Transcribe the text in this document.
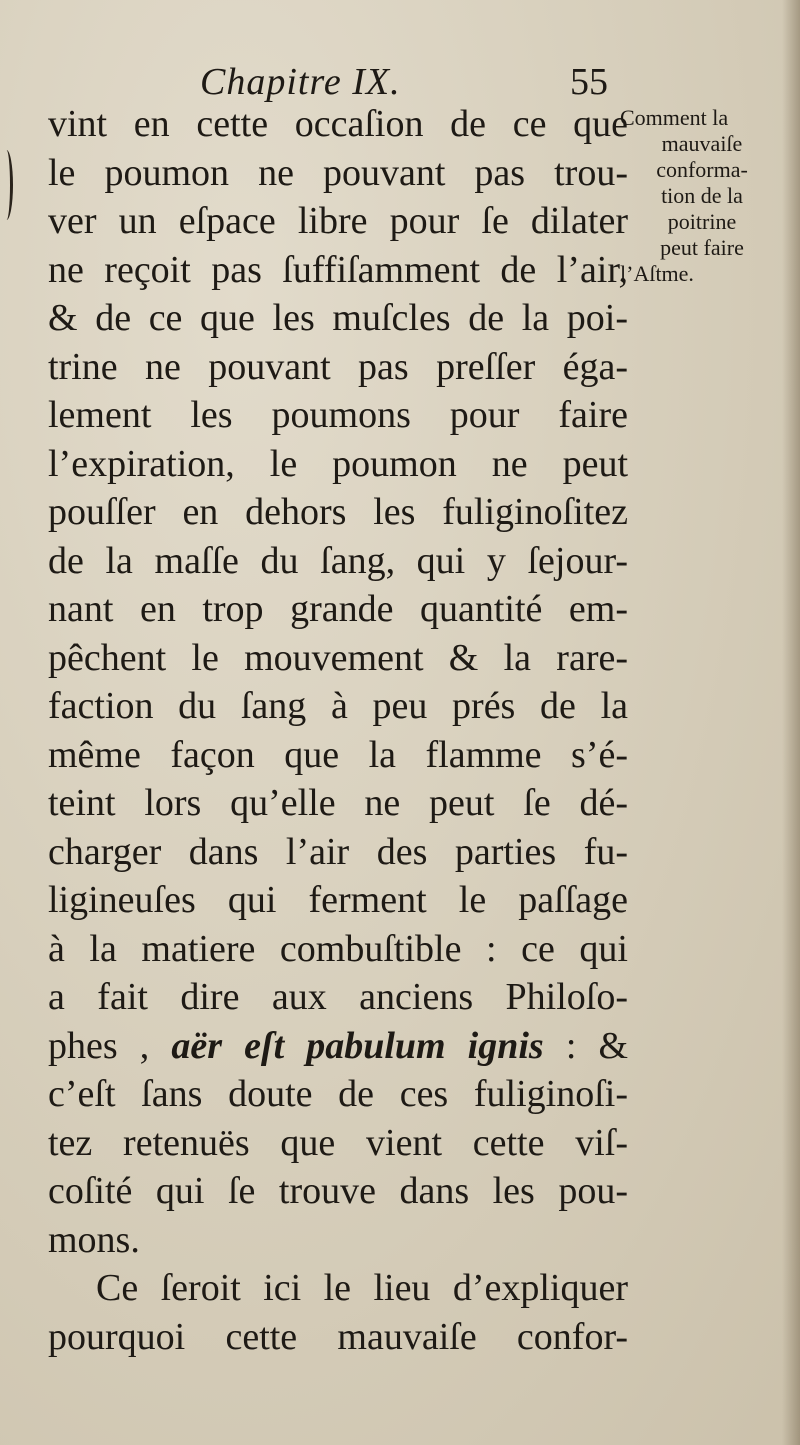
Chapitre IX.	55
vint en cette occaſion de ce que
le poumon ne pouvant pas trou-
ver un eſpace libre pour ſe dilater
ne reçoit pas ſuffiſamment de l’air,
& de ce que les muſcles de la poi-
trine ne pouvant pas preſſer éga-
lement les poumons pour faire
l’expiration, le poumon ne peut
pouſſer en dehors les fuliginoſitez
de la maſſe du ſang, qui y ſejour-
nant en trop grande quantité em-
pêchent le mouvement & la rare-
faction du ſang à peu prés de la
même façon que la flamme s’é-
teint lors qu’elle ne peut ſe dé-
charger dans l’air des parties fu-
ligineuſes qui ferment le paſſage
à la matiere combuſtible : ce qui
a fait dire aux anciens Philoſo-
phes , aër eſt pabulum ignis : &
c’eſt ſans doute de ces fuliginoſi-
tez retenuës que vient cette viſ-
coſité qui ſe trouve dans les pou-
mons.
Ce ſeroit ici le lieu d’expliquer
pourquoi cette mauvaiſe confor-
Comment la
mauvaiſe
conforma-
tion de la
poitrine
peut faire
l’Aſtme.
